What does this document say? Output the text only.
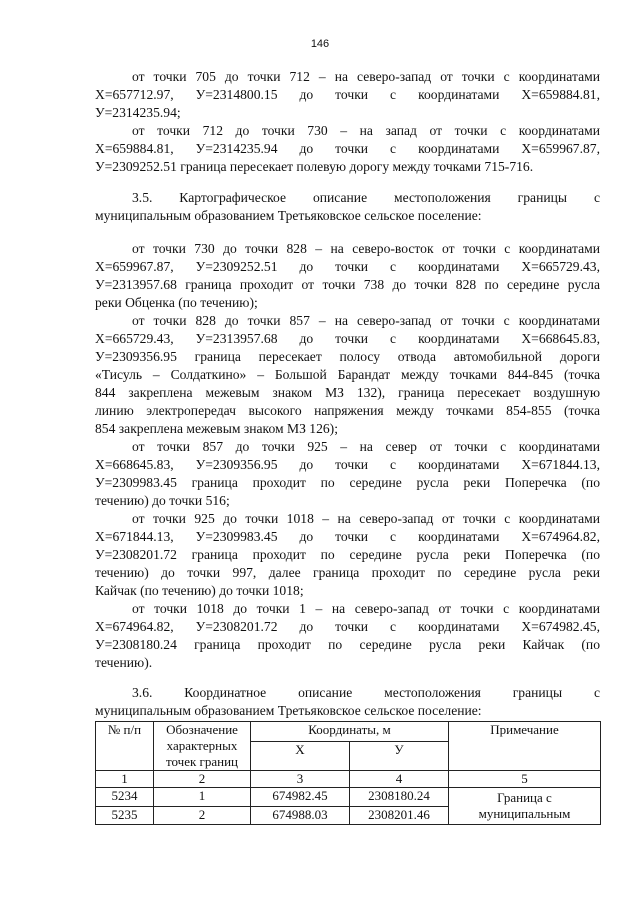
146
от точки 705 до точки 712 – на северо-запад от точки с координатами
Х=657712.97, У=2314800.15 до точки с координатами Х=659884.81,
У=2314235.94;
от точки 712 до точки 730 – на запад от точки с координатами
Х=659884.81, У=2314235.94 до точки с координатами Х=659967.87,
У=2309252.51 граница пересекает полевую дорогу между точками 715-716.
3.5. Картографическое описание местоположения границы с
муниципальным образованием Третьяковское сельское поселение:
от точки 730 до точки 828 – на северо-восток от точки с координатами
Х=659967.87, У=2309252.51 до точки с координатами Х=665729.43,
У=2313957.68 граница проходит от точки 738 до точки 828 по середине русла
реки Обценка (по течению);
от точки 828 до точки 857 – на северо-запад от точки с координатами
Х=665729.43, У=2313957.68 до точки с координатами Х=668645.83,
У=2309356.95 граница пересекает полосу отвода автомобильной дороги
«Тисуль – Солдаткино» – Большой Барандат между точками 844-845 (точка
844 закреплена межевым знаком МЗ 132), граница пересекает воздушную
линию электропередач высокого напряжения между точками 854-855 (точка
854 закреплена межевым знаком МЗ 126);
от точки 857 до точки 925 – на север от точки с координатами
Х=668645.83, У=2309356.95 до точки с координатами Х=671844.13,
У=2309983.45 граница проходит по середине русла реки Поперечка (по
течению) до точки 516;
от точки 925 до точки 1018 – на северо-запад от точки с координатами
Х=671844.13, У=2309983.45 до точки с координатами Х=674964.82,
У=2308201.72 граница проходит по середине русла реки Поперечка (по
течению) до точки 997, далее граница проходит по середине русла реки
Кайчак (по течению) до точки 1018;
от точки 1018 до точки 1 – на северо-запад от точки с координатами
Х=674964.82, У=2308201.72 до точки с координатами Х=674982.45,
У=2308180.24 граница проходит по середине русла реки Кайчак (по
течению).
3.6. Координатное описание местоположения границы с
муниципальным образованием Третьяковское сельское поселение:
№ п/п	Обозначение характерных точек границ	Координаты, м		Примечание
		Х	У	
1	2	3	4	5
5234	1	674982.45	2308180.24	Граница с муниципальным
5235	2	674988.03	2308201.46	
